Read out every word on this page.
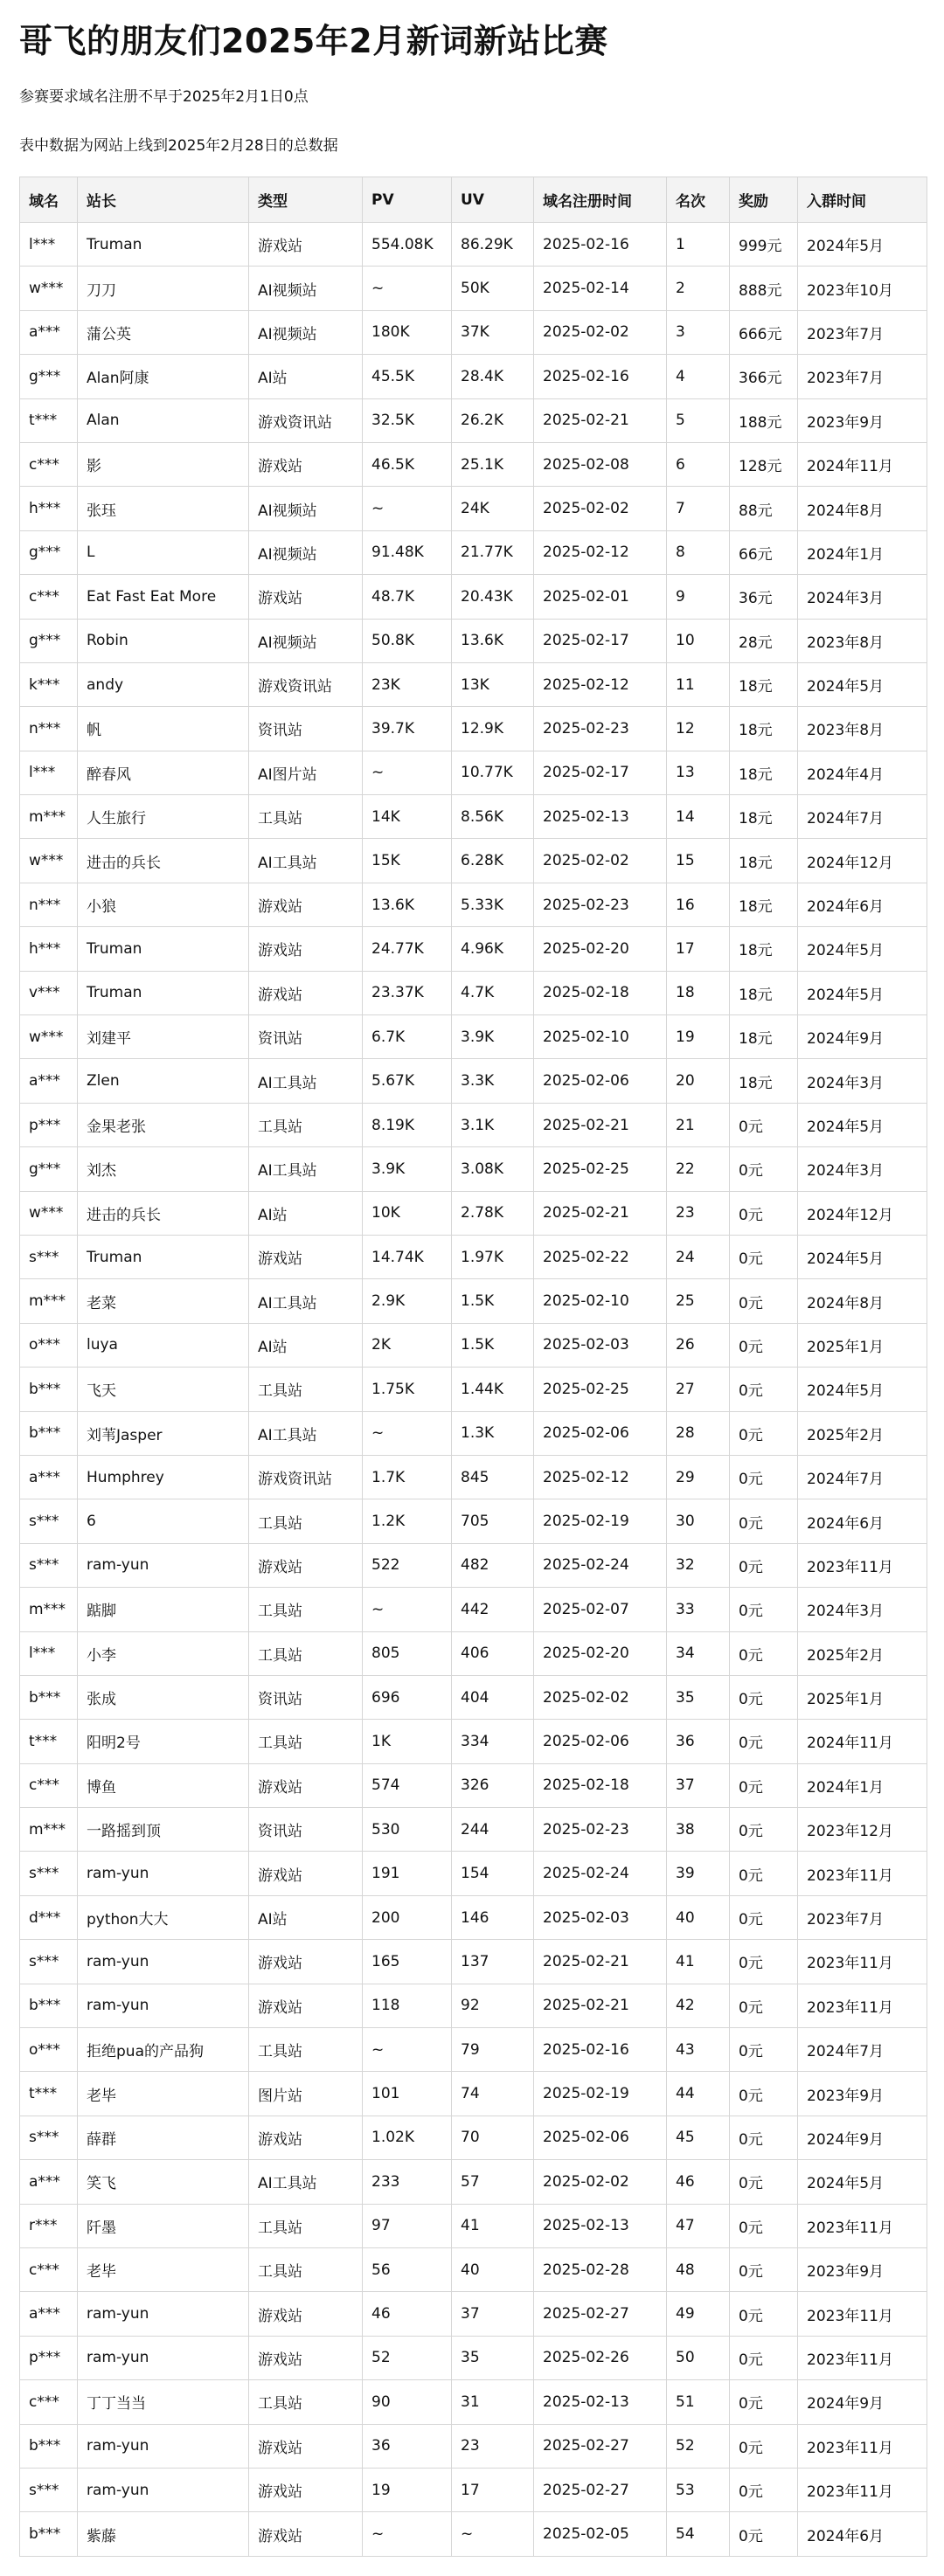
哥飞的朋友们2025年2月新词新站比赛

参赛要求域名注册不早于2025年2月1日0点

表中数据为网站上线到2025年2月28日的总数据

域名	站长	类型	PV	UV	域名注册时间	名次	奖励	入群时间
l***	Truman	游戏站	554.08K	86.29K	2025-02-16	1	999元	2024年5月
w***	刀刀	AI视频站	~	50K	2025-02-14	2	888元	2023年10月
a***	蒲公英	AI视频站	180K	37K	2025-02-02	3	666元	2023年7月
g***	Alan阿康	AI站	45.5K	28.4K	2025-02-16	4	366元	2023年7月
t***	Alan	游戏资讯站	32.5K	26.2K	2025-02-21	5	188元	2023年9月
c***	影	游戏站	46.5K	25.1K	2025-02-08	6	128元	2024年11月
h***	张珏	AI视频站	~	24K	2025-02-02	7	88元	2024年8月
g***	L	AI视频站	91.48K	21.77K	2025-02-12	8	66元	2024年1月
c***	Eat Fast Eat More	游戏站	48.7K	20.43K	2025-02-01	9	36元	2024年3月
g***	Robin	AI视频站	50.8K	13.6K	2025-02-17	10	28元	2023年8月
k***	andy	游戏资讯站	23K	13K	2025-02-12	11	18元	2024年5月
n***	帆	资讯站	39.7K	12.9K	2025-02-23	12	18元	2023年8月
l***	醉春风	AI图片站	~	10.77K	2025-02-17	13	18元	2024年4月
m***	人生旅行	工具站	14K	8.56K	2025-02-13	14	18元	2024年7月
w***	进击的兵长	AI工具站	15K	6.28K	2025-02-02	15	18元	2024年12月
n***	小狼	游戏站	13.6K	5.33K	2025-02-23	16	18元	2024年6月
h***	Truman	游戏站	24.77K	4.96K	2025-02-20	17	18元	2024年5月
v***	Truman	游戏站	23.37K	4.7K	2025-02-18	18	18元	2024年5月
w***	刘建平	资讯站	6.7K	3.9K	2025-02-10	19	18元	2024年9月
a***	Zlen	AI工具站	5.67K	3.3K	2025-02-06	20	18元	2024年3月
p***	金果老张	工具站	8.19K	3.1K	2025-02-21	21	0元	2024年5月
g***	刘杰	AI工具站	3.9K	3.08K	2025-02-25	22	0元	2024年3月
w***	进击的兵长	AI站	10K	2.78K	2025-02-21	23	0元	2024年12月
s***	Truman	游戏站	14.74K	1.97K	2025-02-22	24	0元	2024年5月
m***	老菜	AI工具站	2.9K	1.5K	2025-02-10	25	0元	2024年8月
o***	luya	AI站	2K	1.5K	2025-02-03	26	0元	2025年1月
b***	飞天	工具站	1.75K	1.44K	2025-02-25	27	0元	2024年5月
b***	刘苇Jasper	AI工具站	~	1.3K	2025-02-06	28	0元	2025年2月
a***	Humphrey	游戏资讯站	1.7K	845	2025-02-12	29	0元	2024年7月
s***	6	工具站	1.2K	705	2025-02-19	30	0元	2024年6月
s***	ram-yun	游戏站	522	482	2025-02-24	32	0元	2023年11月
m***	踮脚	工具站	~	442	2025-02-07	33	0元	2024年3月
l***	小李	工具站	805	406	2025-02-20	34	0元	2025年2月
b***	张成	资讯站	696	404	2025-02-02	35	0元	2025年1月
t***	阳明2号	工具站	1K	334	2025-02-06	36	0元	2024年11月
c***	博鱼	游戏站	574	326	2025-02-18	37	0元	2024年1月
m***	一路摇到顶	资讯站	530	244	2025-02-23	38	0元	2023年12月
s***	ram-yun	游戏站	191	154	2025-02-24	39	0元	2023年11月
d***	python大大	AI站	200	146	2025-02-03	40	0元	2023年7月
s***	ram-yun	游戏站	165	137	2025-02-21	41	0元	2023年11月
b***	ram-yun	游戏站	118	92	2025-02-21	42	0元	2023年11月
o***	拒绝pua的产品狗	工具站	~	79	2025-02-16	43	0元	2024年7月
t***	老毕	图片站	101	74	2025-02-19	44	0元	2023年9月
s***	薛群	游戏站	1.02K	70	2025-02-06	45	0元	2024年9月
a***	笑飞	AI工具站	233	57	2025-02-02	46	0元	2024年5月
r***	阡墨	工具站	97	41	2025-02-13	47	0元	2023年11月
c***	老毕	工具站	56	40	2025-02-28	48	0元	2023年9月
a***	ram-yun	游戏站	46	37	2025-02-27	49	0元	2023年11月
p***	ram-yun	游戏站	52	35	2025-02-26	50	0元	2023年11月
c***	丁丁当当	工具站	90	31	2025-02-13	51	0元	2024年9月
b***	ram-yun	游戏站	36	23	2025-02-27	52	0元	2023年11月
s***	ram-yun	游戏站	19	17	2025-02-27	53	0元	2023年11月
b***	紫藤	游戏站	~	~	2025-02-05	54	0元	2024年6月
